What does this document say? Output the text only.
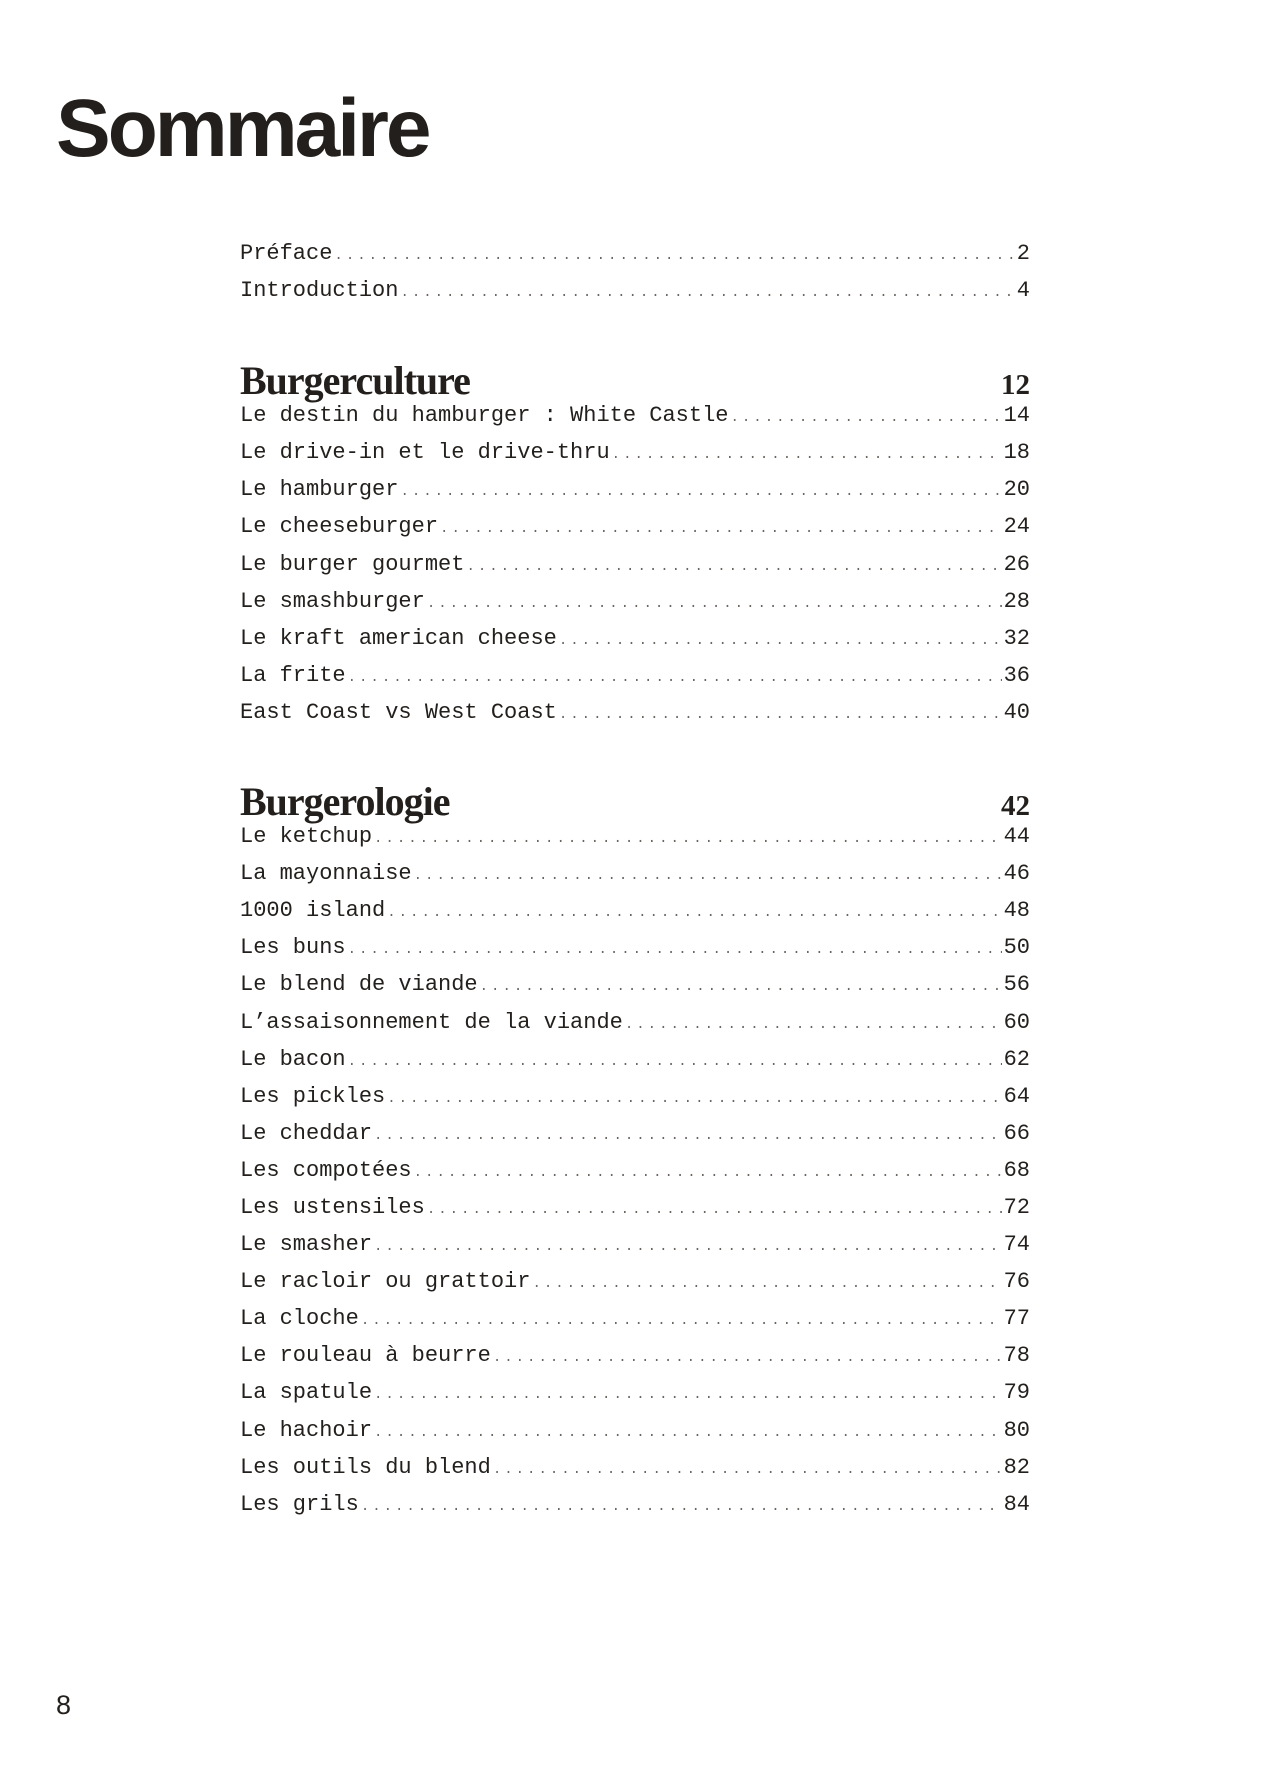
Sommaire
Préface .....	2
Introduction .....	4
Burgerculture	12
Le destin du hamburger : White Castle .....	14
Le drive-in et le drive-thru .....	18
Le hamburger .....	20
Le cheeseburger .....	24
Le burger gourmet .....	26
Le smashburger .....	28
Le kraft american cheese .....	32
La frite .....	36
East Coast vs West Coast .....	40
Burgerologie	42
Le ketchup .....	44
La mayonnaise .....	46
1000 island .....	48
Les buns .....	50
Le blend de viande .....	56
L’assaisonnement de la viande .....	60
Le bacon .....	62
Les pickles .....	64
Le cheddar .....	66
Les compotées .....	68
Les ustensiles .....	72
Le smasher .....	74
Le racloir ou grattoir .....	76
La cloche .....	77
Le rouleau à beurre .....	78
La spatule .....	79
Le hachoir .....	80
Les outils du blend .....	82
Les grils .....	84
8
